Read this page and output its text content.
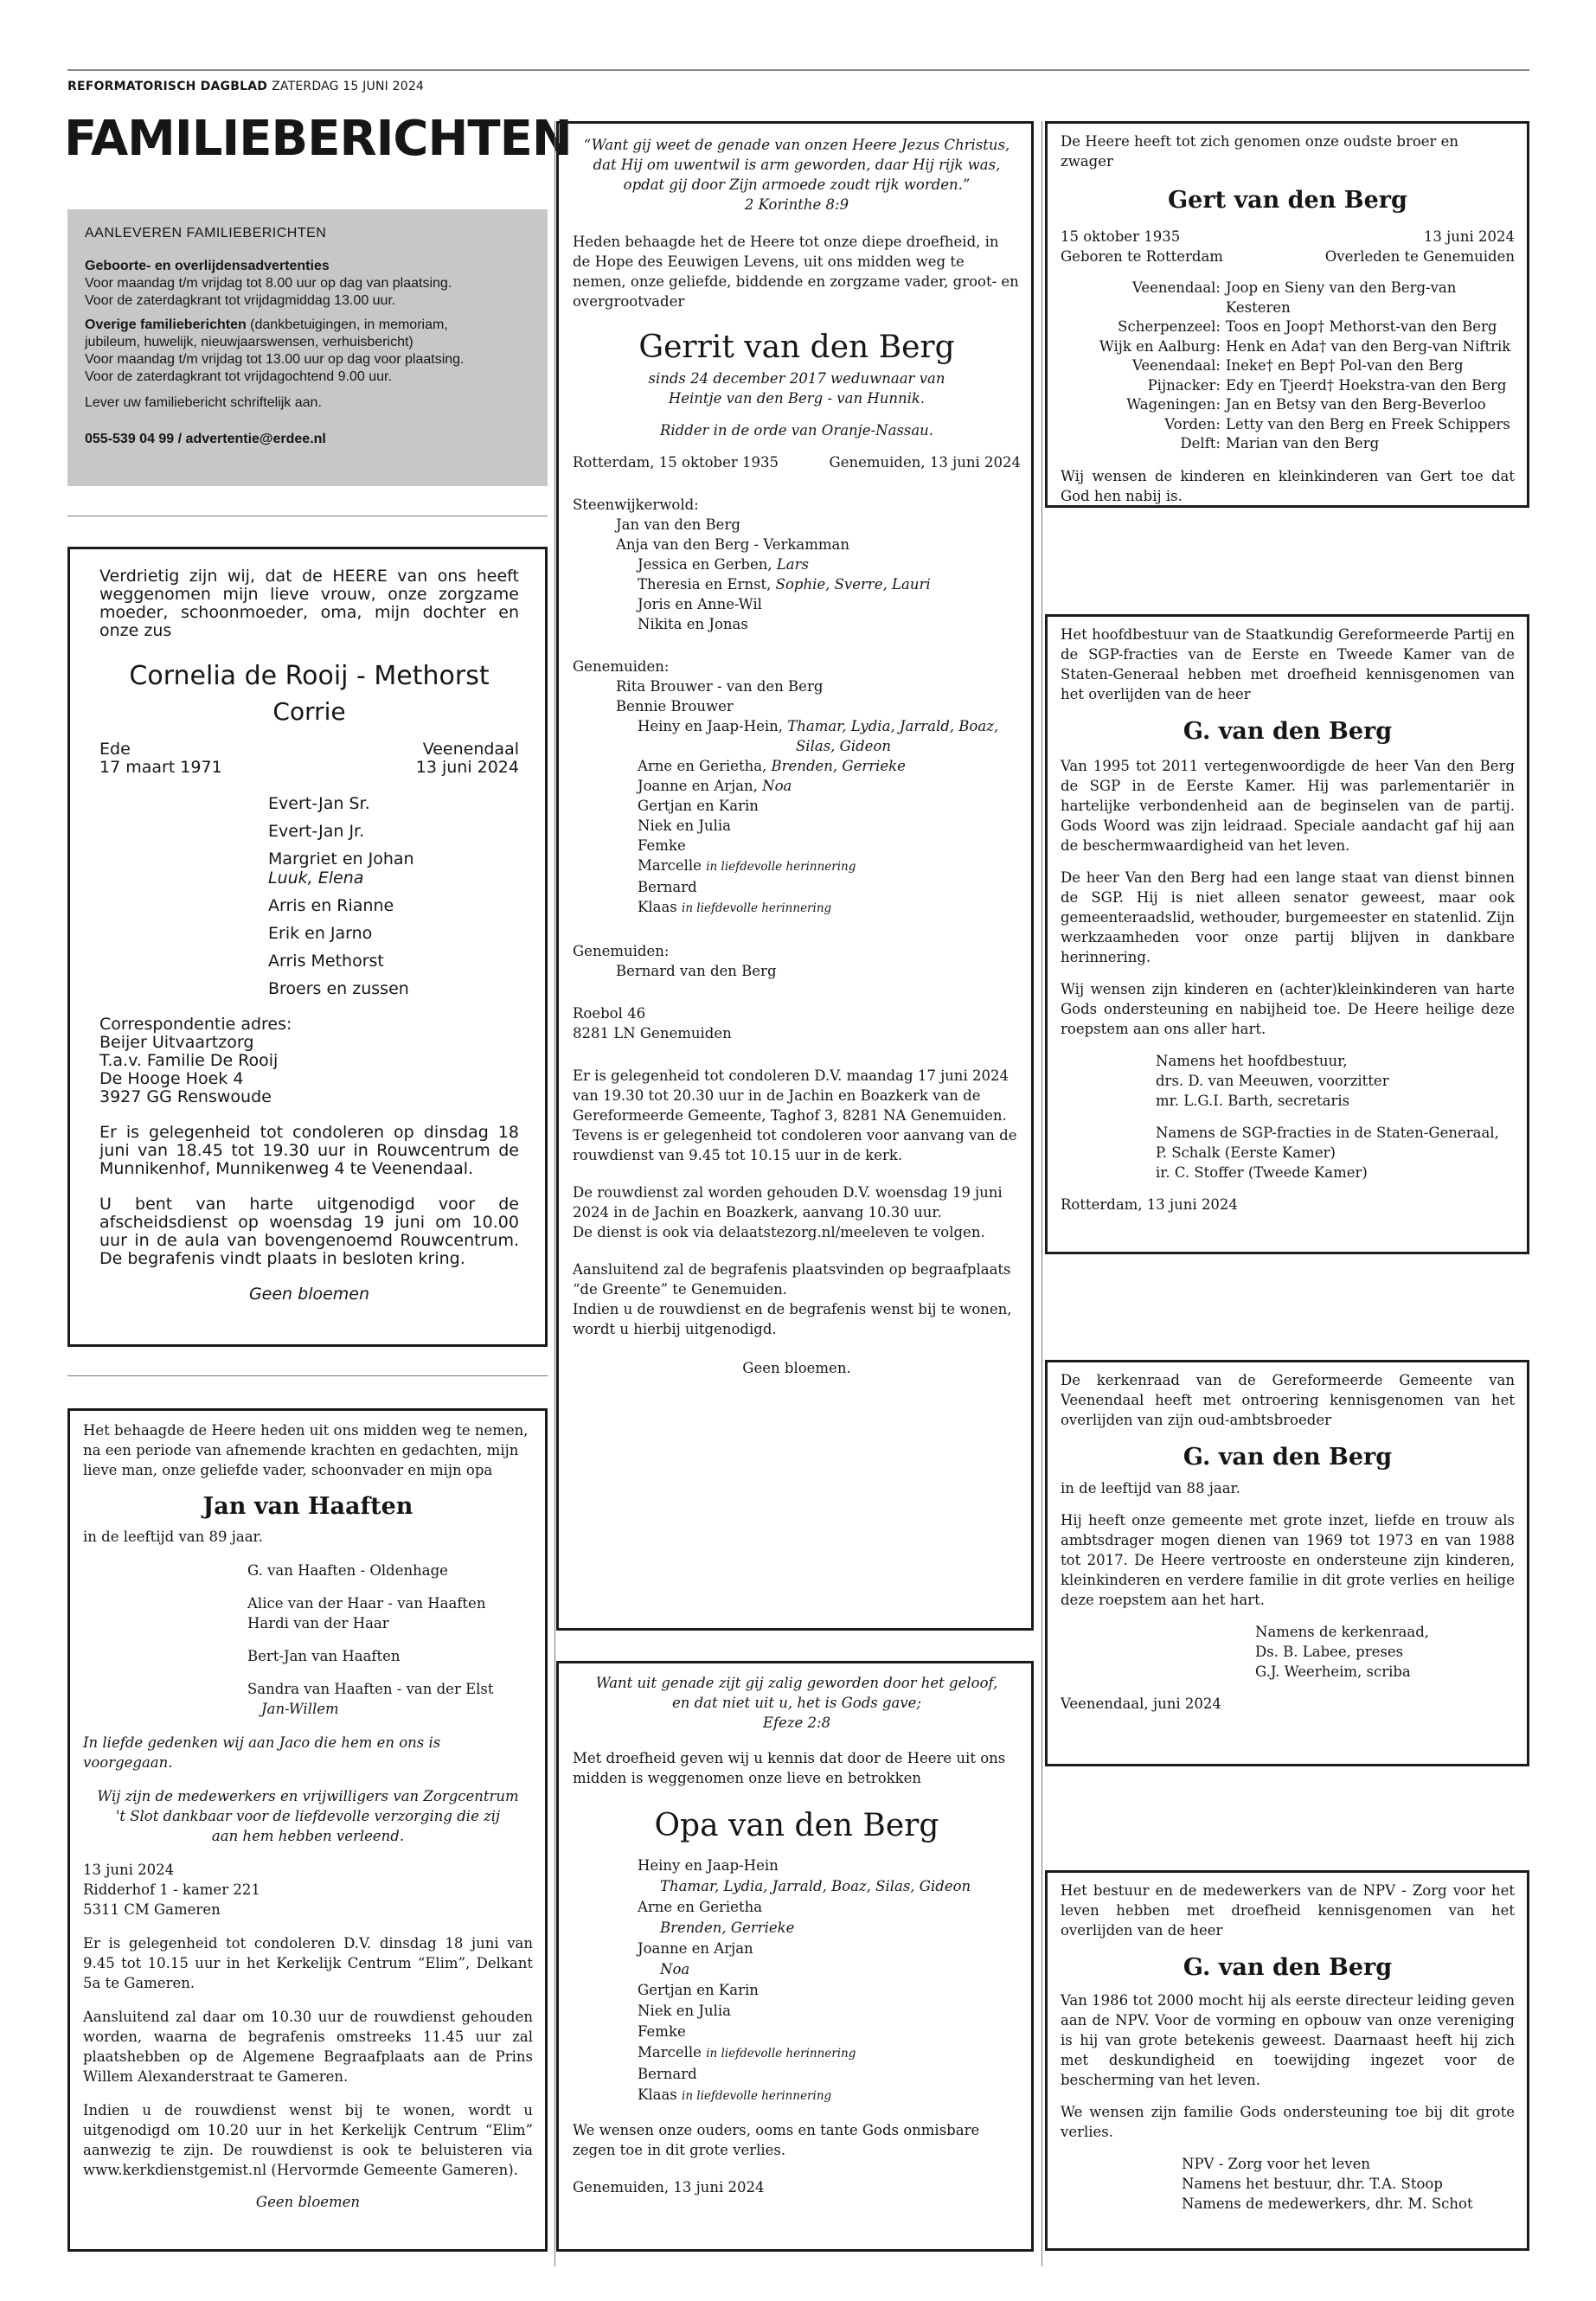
REFORMATORISCH DAGBLAD ZATERDAG 15 JUNI 2024
FAMILIEBERICHTEN
AANLEVEREN FAMILIEBERICHTEN
Geboorte- en overlijdensadvertenties
Voor maandag t/m vrijdag tot 8.00 uur op dag van plaatsing.
Voor de zaterdagkrant tot vrijdagmiddag 13.00 uur.
Overige familieberichten (dankbetuigingen, in memoriam,
jubileum, huwelijk, nieuwjaarswensen, verhuisbericht)
Voor maandag t/m vrijdag tot 13.00 uur op dag voor plaatsing.
Voor de zaterdagkrant tot vrijdagochtend 9.00 uur.
Lever uw familiebericht schriftelijk aan.
055-539 04 99 / advertentie@erdee.nl

Verdrietig zijn wij, dat de HEERE van ons heeft weggenomen mijn lieve vrouw, onze zorgzame moeder, schoonmoeder, oma, mijn dochter en onze zus

Cornelia de Rooij - Methorst

Corrie

Ede
17 maart 1971
Veenendaal
13 juni 2024
Evert-Jan Sr.
Evert-Jan Jr.
Margriet en Johan
Luuk, Elena
Arris en Rianne
Erik en Jarno
Arris Methorst
Broers en zussen
Correspondentie adres:
Beijer Uitvaartzorg
T.a.v. Familie De Rooij
De Hooge Hoek 4
3927 GG Renswoude

Er is gelegenheid tot condoleren op dinsdag 18 juni van 18.45 tot 19.30 uur in Rouwcentrum de Munnikenhof, Munnikenweg 4 te Veenendaal.

U bent van harte uitgenodigd voor de afscheidsdienst op woensdag 19 juni om 10.00 uur in de aula van bovengenoemd Rouwcentrum. De begrafenis vindt plaats in besloten kring.

Geen bloemen

Het behaagde de Heere heden uit ons midden weg te nemen, na een periode van afnemende krachten en gedachten, mijn lieve man, onze geliefde vader, schoonvader en mijn opa

Jan van Haaften

in de leeftijd van 89 jaar.

G. van Haaften - Oldenhage
Alice van der Haar - van Haaften
Hardi van der Haar
Bert-Jan van Haaften
Sandra van Haaften - van der Elst
Jan-Willem

In liefde gedenken wij aan Jaco die hem en ons is voorgegaan.

Wij zijn de medewerkers en vrijwilligers van Zorgcentrum

't Slot dankbaar voor de liefdevolle verzorging die zij

aan hem hebben verleend.

13 juni 2024
Ridderhof 1 - kamer 221
5311 CM Gameren

Er is gelegenheid tot condoleren D.V. dinsdag 18 juni van 9.45 tot 10.15 uur in het Kerkelijk Centrum “Elim”, Delkant 5a te Gameren.

Aansluitend zal daar om 10.30 uur de rouwdienst gehouden worden, waarna de begrafenis omstreeks 11.45 uur zal plaatshebben op de Algemene Begraafplaats aan de Prins Willem Alexanderstraat te Gameren.

Indien u de rouwdienst wenst bij te wonen, wordt u uitgenodigd om 10.20 uur in het Kerkelijk Centrum “Elim” aanwezig te zijn. De rouwdienst is ook te beluisteren via www.kerkdienstgemist.nl (Hervormde Gemeente Gameren).

Geen bloemen

“Want gij weet de genade van onzen Heere Jezus Christus,

dat Hij om uwentwil is arm geworden, daar Hij rijk was,

opdat gij door Zijn armoede zoudt rijk worden.”

2 Korinthe 8:9

Heden behaagde het de Heere tot onze diepe droefheid, in de Hope des Eeuwigen Levens, uit ons midden weg te nemen, onze geliefde, biddende en zorgzame vader, groot- en overgrootvader

Gerrit van den Berg

sinds 24 december 2017 weduwnaar van

Heintje van den Berg - van Hunnik.

Ridder in de orde van Oranje-Nassau.

Rotterdam, 15 oktober 1935	Genemuiden, 13 juni 2024
Steenwijkerwold:
Jan van den Berg
Anja van den Berg - Verkamman
Jessica en Gerben, Lars
Theresia en Ernst, Sophie, Sverre, Lauri
Joris en Anne-Wil
Nikita en Jonas
Genemuiden:
Rita Brouwer - van den Berg
Bennie Brouwer
Heiny en Jaap-Hein, Thamar, Lydia, Jarrald, Boaz,
Silas, Gideon
Arne en Gerietha, Brenden, Gerrieke
Joanne en Arjan, Noa
Gertjan en Karin
Niek en Julia
Femke
Marcelle in liefdevolle herinnering
Bernard
Klaas in liefdevolle herinnering
Genemuiden:
Bernard van den Berg
Roebol 46
8281 LN Genemuiden

Er is gelegenheid tot condoleren D.V. maandag 17 juni 2024 van 19.30 tot 20.30 uur in de Jachin en Boazkerk van de Gereformeerde Gemeente, Taghof 3, 8281 NA Genemuiden. Tevens is er gelegenheid tot condoleren voor aanvang van de rouwdienst van 9.45 tot 10.15 uur in de kerk.

De rouwdienst zal worden gehouden D.V. woensdag 19 juni 2024 in de Jachin en Boazkerk, aanvang 10.30 uur.

De dienst is ook via delaatstezorg.nl/meeleven te volgen.

Aansluitend zal de begrafenis plaatsvinden op begraafplaats “de Greente” te Genemuiden.

Indien u de rouwdienst en de begrafenis wenst bij te wonen, wordt u hierbij uitgenodigd.

Geen bloemen.

Want uit genade zijt gij zalig geworden door het geloof,

en dat niet uit u, het is Gods gave;

Efeze 2:8

Met droefheid geven wij u kennis dat door de Heere uit ons midden is weggenomen onze lieve en betrokken

Opa van den Berg

Heiny en Jaap-Hein
Thamar, Lydia, Jarrald, Boaz, Silas, Gideon
Arne en Gerietha
Brenden, Gerrieke
Joanne en Arjan
Noa
Gertjan en Karin
Niek en Julia
Femke
Marcelle in liefdevolle herinnering
Bernard
Klaas in liefdevolle herinnering

We wensen onze ouders, ooms en tante Gods onmisbare zegen toe in dit grote verlies.

Genemuiden, 13 juni 2024

De Heere heeft tot zich genomen onze oudste broer en zwager

Gert van den Berg

15 oktober 1935
Geboren te Rotterdam
13 juni 2024
Overleden te Genemuiden
Veenendaal: Joop en Sieny van den Berg-van Kesteren
Scherpenzeel: Toos en Joop† Methorst-van den Berg
Wijk en Aalburg: Henk en Ada† van den Berg-van Niftrik
Veenendaal: Ineke† en Bep† Pol-van den Berg
Pijnacker: Edy en Tjeerd† Hoekstra-van den Berg
Wageningen: Jan en Betsy van den Berg-Beverloo
Vorden: Letty van den Berg en Freek Schippers
Delft: Marian van den Berg

Wij wensen de kinderen en kleinkinderen van Gert toe dat God hen nabij is.

Het hoofdbestuur van de Staatkundig Gereformeerde Partij en de SGP-fracties van de Eerste en Tweede Kamer van de Staten-Generaal hebben met droefheid kennisgenomen van het overlijden van de heer

G. van den Berg

Van 1995 tot 2011 vertegenwoordigde de heer Van den Berg de SGP in de Eerste Kamer. Hij was parlementariër in hartelijke verbondenheid aan de beginselen van de partij. Gods Woord was zijn leidraad. Speciale aandacht gaf hij aan de beschermwaardigheid van het leven.

De heer Van den Berg had een lange staat van dienst binnen de SGP. Hij is niet alleen senator geweest, maar ook gemeenteraadslid, wethouder, burgemeester en statenlid. Zijn werkzaamheden voor onze partij blijven in dankbare herinnering.

Wij wensen zijn kinderen en (achter)kleinkinderen van harte Gods ondersteuning en nabijheid toe. De Heere heilige deze roepstem aan ons aller hart.

Namens het hoofdbestuur,
drs. D. van Meeuwen, voorzitter
mr. L.G.I. Barth, secretaris
Namens de SGP-fracties in de Staten-Generaal,
P. Schalk (Eerste Kamer)
ir. C. Stoffer (Tweede Kamer)

Rotterdam, 13 juni 2024

De kerkenraad van de Gereformeerde Gemeente van Veenendaal heeft met ontroering kennisgenomen van het overlijden van zijn oud-ambtsbroeder

G. van den Berg

in de leeftijd van 88 jaar.

Hij heeft onze gemeente met grote inzet, liefde en trouw als ambtsdrager mogen dienen van 1969 tot 1973 en van 1988 tot 2017. De Heere vertrooste en ondersteune zijn kinderen, kleinkinderen en verdere familie in dit grote verlies en heilige deze roepstem aan het hart.

Namens de kerkenraad,
Ds. B. Labee, preses
G.J. Weerheim, scriba

Veenendaal, juni 2024

Het bestuur en de medewerkers van de NPV - Zorg voor het leven hebben met droefheid kennisgenomen van het overlijden van de heer

G. van den Berg

Van 1986 tot 2000 mocht hij als eerste directeur leiding geven aan de NPV. Voor de vorming en opbouw van onze vereniging is hij van grote betekenis geweest. Daarnaast heeft hij zich met deskundigheid en toewijding ingezet voor de bescherming van het leven.

We wensen zijn familie Gods ondersteuning toe bij dit grote verlies.

NPV - Zorg voor het leven
Namens het bestuur, dhr. T.A. Stoop
Namens de medewerkers, dhr. M. Schot
